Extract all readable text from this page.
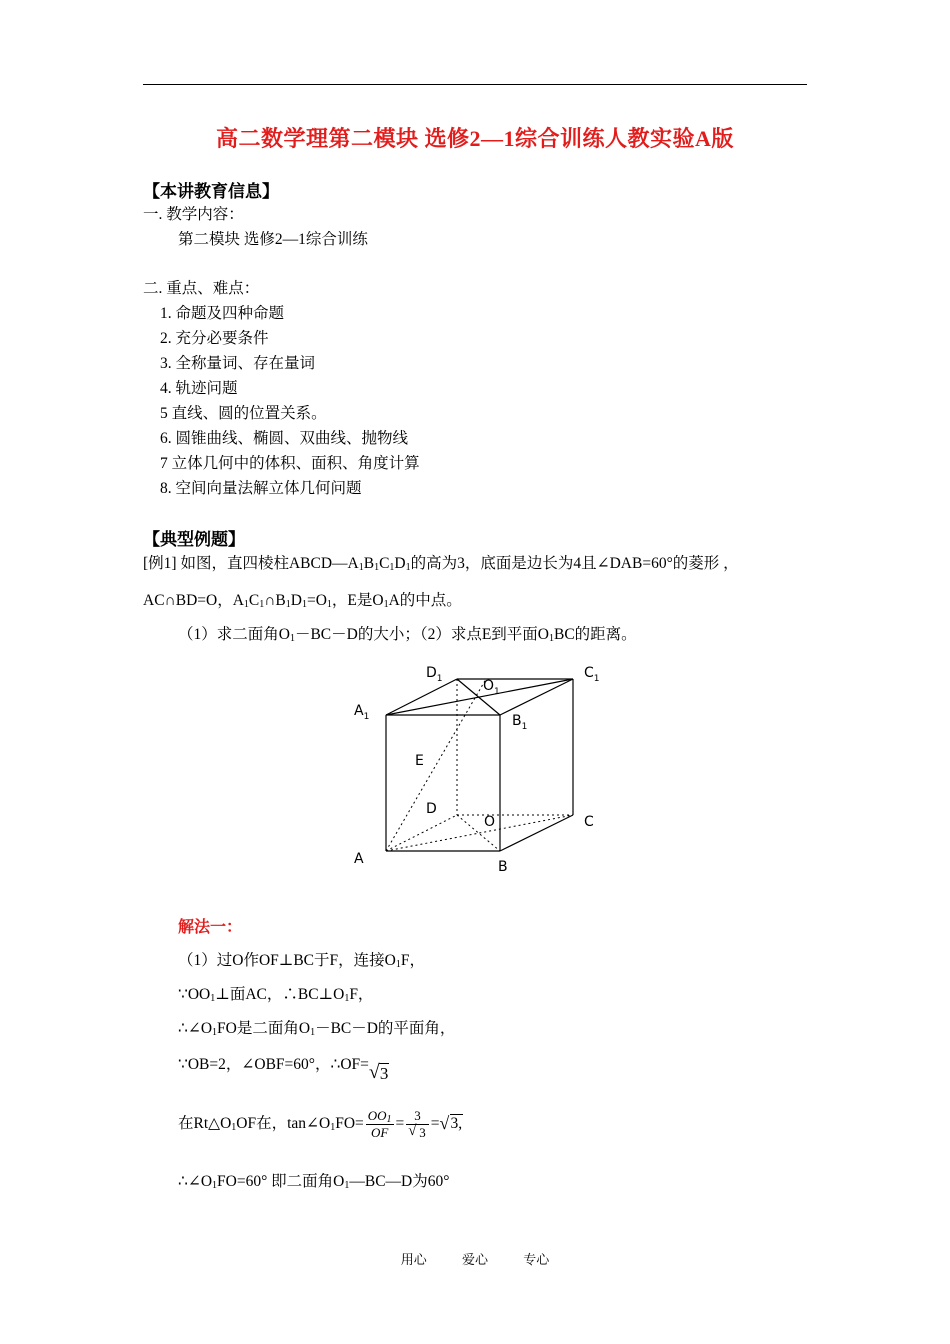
高二数学理第二模块 选修2—1综合训练人教实验A版
【本讲教育信息】
一. 教学内容：
第二模块 选修2—1综合训练
二. 重点、难点：
1. 命题及四种命题
2. 充分必要条件
3. 全称量词、存在量词
4. 轨迹问题
5 直线、圆的位置关系。
6. 圆锥曲线、椭圆、双曲线、抛物线
7 立体几何中的体积、面积、角度计算
8. 空间向量法解立体几何问题
【典型例题】
[例1] 如图，直四棱柱$ABCD—A_1B_1C_1D_1$的高为3，底面是边长为4且∠DAB=60°的菱形 ，
AC∩BD=O，$A_1C_1\cap B_1D_1=O_1$，E是$O_1A$的中点。
（1）求二面角$O_1-BC-D$的大小；（2）求点E到平面$O_1BC$的距离。
$A_1$	$B_1$
$C_1$
$D_1$	$O_1$
E
D
O	C
A	B
解法一：
（1）过O作OF⊥BC于F，连接$O_1F$，
$\because OO_1\perp$面AC，$\therefore BC\perp O_1F$，
$\therefore\angle O_1FO$是二面角$O_1-BC-D$的平面角，
∵OB=2，∠OBF=60°，∴OF= √ 3
在$Rt\triangle O_1OF$在，$\tan\angle O_1FO= \frac{OO_1}{OF} = \frac{3}{√ 3}$ = √ 3,
$\therefore\angle O_1FO=60^\circ$ 即二面角$O_1—BC—D$为60°
用心	爱心	专心
